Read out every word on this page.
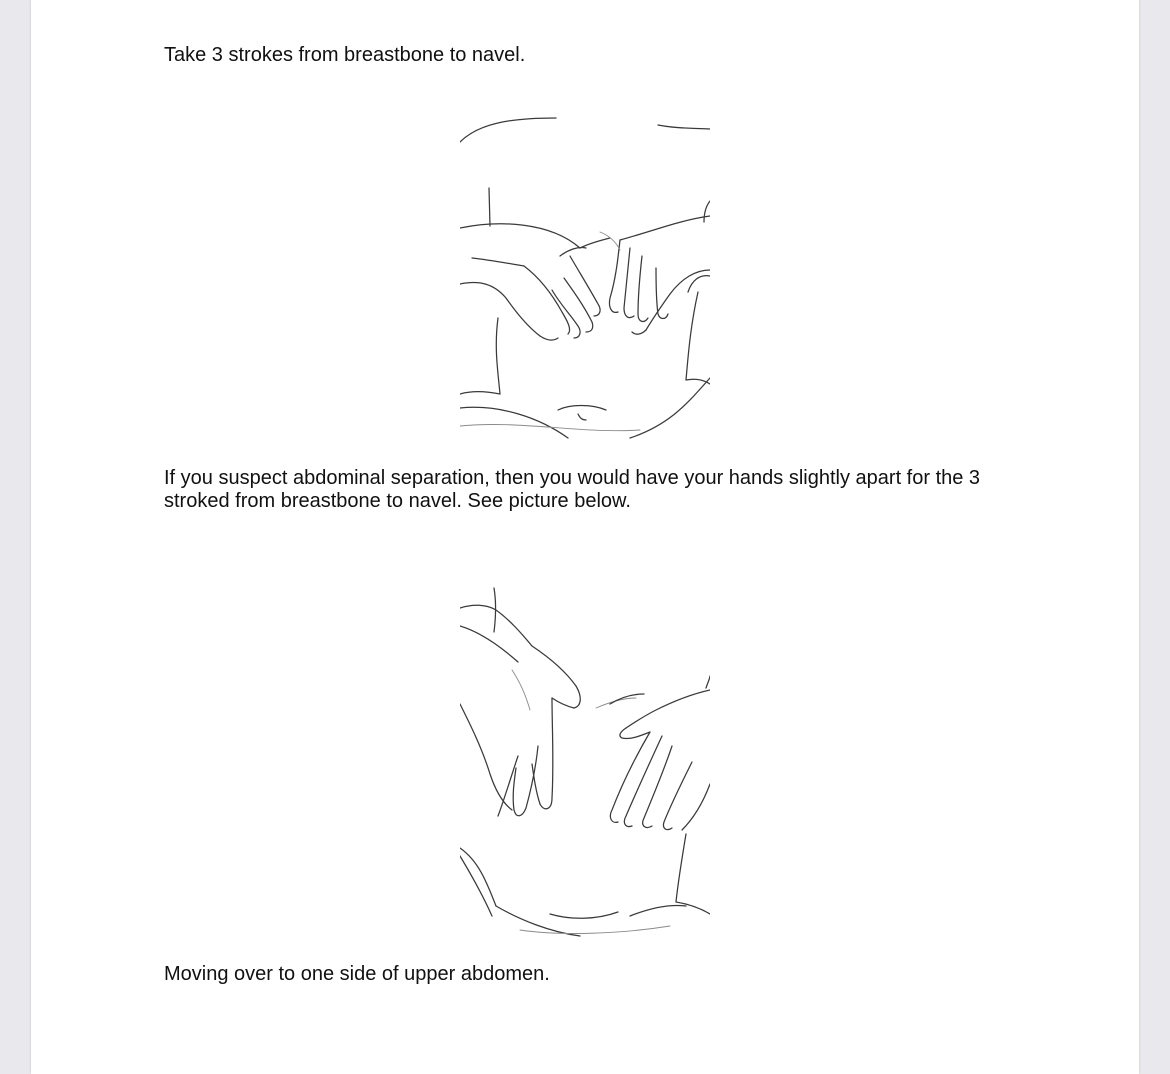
Take 3 strokes from breastbone to navel.

If you suspect abdominal separation, then you would have your hands slightly apart for the 3
stroked from breastbone to navel. See picture below.

Moving over to one side of upper abdomen.
